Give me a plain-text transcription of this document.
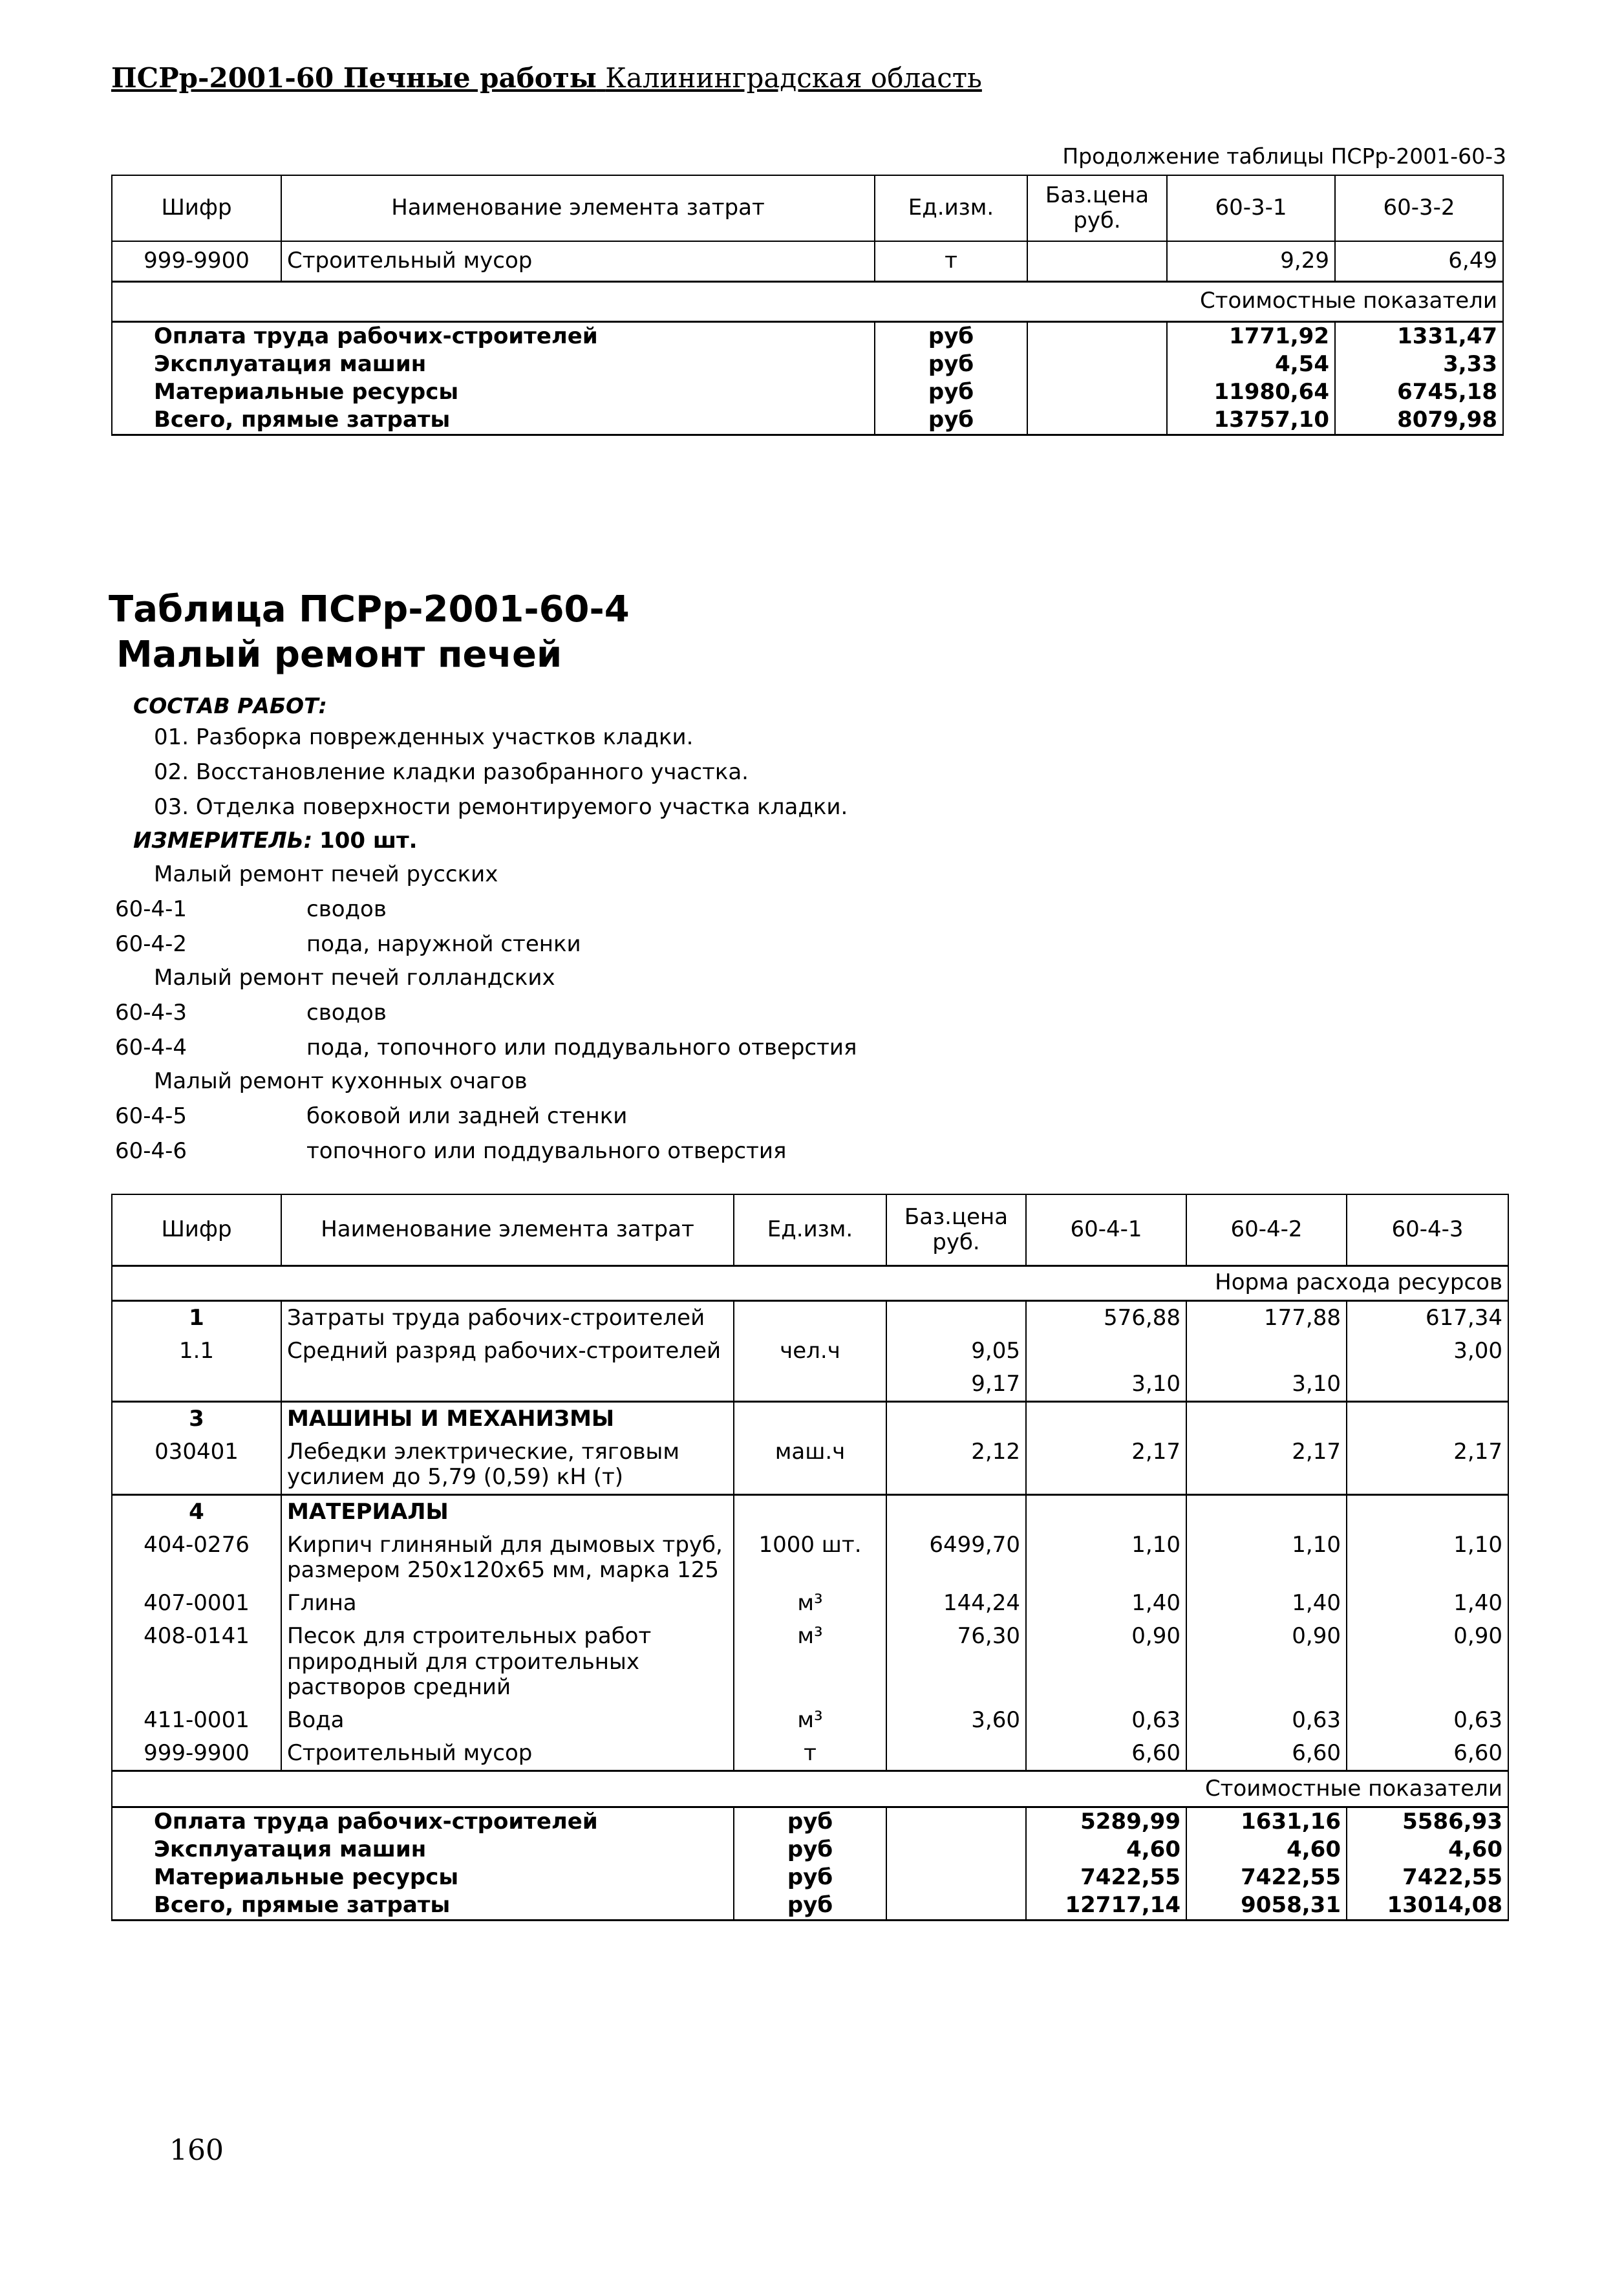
ПСРр-2001-60 Печные работы Калининградская область
Продолжение таблицы ПСРр-2001-60-3
Шифр	Наименование элемента затрат	Ед.изм.	Баз.цена руб.	60-3-1	60-3-2
999-9900	Строительный мусор	т		9,29	6,49
Стоимостные показатели					
Оплата труда рабочих-строителей		руб		1771,92	1331,47
Эксплуатация машин		руб		4,54	3,33
Материальные ресурсы		руб		11980,64	6745,18
Всего, прямые затраты		руб		13757,10	8079,98
Таблица ПСРр-2001-60-4
Малый ремонт печей
СОСТАВ РАБОТ:
01. Разборка поврежденных участков кладки.
02. Восстановление кладки разобранного участка.
03. Отделка поверхности ремонтируемого участка кладки.
ИЗМЕРИТЕЛЬ: 100 шт.
Малый ремонт печей русских
60-4-1	сводов
60-4-2	пода, наружной стенки
Малый ремонт печей голландских
60-4-3	сводов
60-4-4	пода, топочного или поддувального отверстия
Малый ремонт кухонных очагов
60-4-5	боковой или задней стенки
60-4-6	топочного или поддувального отверстия
Шифр	Наименование элемента затрат	Ед.изм.	Баз.цена руб.	60-4-1	60-4-2	60-4-3
Норма расхода ресурсов						
1	Затраты труда рабочих-строителей			576,88	177,88	617,34
1.1	Средний разряд рабочих-строителей	чел.ч	9,05			3,00
			9,17	3,10	3,10	
3	МАШИНЫ И МЕХАНИЗМЫ					
030401	Лебедки электрические, тяговым усилием до 5,79 (0,59) кН (т)	маш.ч	2,12	2,17	2,17	2,17
4	МАТЕРИАЛЫ					
404-0276	Кирпич глиняный для дымовых труб, размером 250x120x65 мм, марка 125	1000 шт.	6499,70	1,10	1,10	1,10
407-0001	Глина	м³	144,24	1,40	1,40	1,40
408-0141	Песок для строительных работ природный для строительных растворов средний	м³	76,30	0,90	0,90	0,90
411-0001	Вода	м³	3,60	0,63	0,63	0,63
999-9900	Строительный мусор	т		6,60	6,60	6,60
Стоимостные показатели						
Оплата труда рабочих-строителей		руб		5289,99	1631,16	5586,93
Эксплуатация машин		руб		4,60	4,60	4,60
Материальные ресурсы		руб		7422,55	7422,55	7422,55
Всего, прямые затраты		руб		12717,14	9058,31	13014,08
160
